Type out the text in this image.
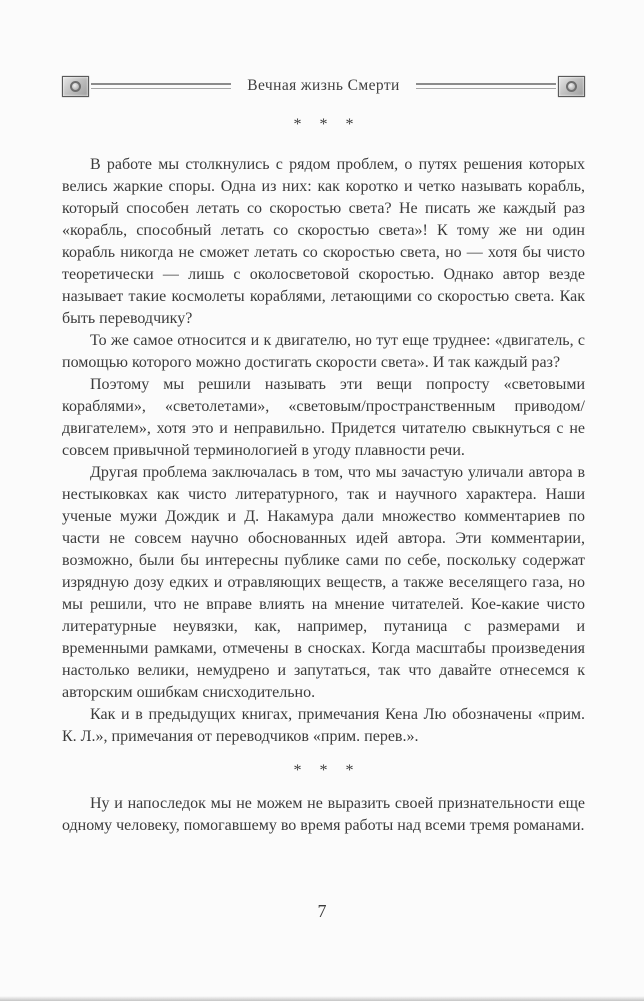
Вечная жизнь Смерти
* * *

В работе мы столкнулись с рядом проблем, о путях решения которых велись жаркие споры. Одна из них: как коротко и четко называть корабль, который способен летать со скоростью света? Не писать же каждый раз «корабль, способный летать со скоростью света»! К тому же ни один корабль никогда не сможет летать со скоростью света, но — хотя бы чисто теоретически — лишь с околосветовой скоростью. Однако автор везде называет такие космолеты кораблями, летающими со скоростью света. Как быть переводчику?

То же самое относится и к двигателю, но тут еще труднее: «двигатель, с помощью которого можно достигать скорости света». И так каждый раз?

Поэтому мы решили называть эти вещи попросту «световыми кораблями», «светолетами», «световым/пространственным приводом/двигателем», хотя это и неправильно. Придется читателю свыкнуться с не совсем привычной терминологией в угоду плавности речи.

Другая проблема заключалась в том, что мы зачастую уличали автора в нестыковках как чисто литературного, так и научного характера. Наши ученые мужи Дождик и Д. Накамура дали множество комментариев по части не совсем научно обоснованных идей автора. Эти комментарии, возможно, были бы интересны публике сами по себе, поскольку содержат изрядную дозу едких и отравляющих веществ, а также веселящего газа, но мы решили, что не вправе влиять на мнение читателей. Кое-какие чисто литературные неувязки, как, например, путаница с размерами и временными рамками, отмечены в сносках. Когда масштабы произведения настолько велики, немудрено и запутаться, так что давайте отнесемся к авторским ошибкам снисходительно.

Как и в предыдущих книгах, примечания Кена Лю обозначены «прим. К. Л.», примечания от переводчиков «прим. перев.».

* * *

Ну и напоследок мы не можем не выразить своей признательности еще одному человеку, помогавшему во время работы над всеми тремя романами.

7
